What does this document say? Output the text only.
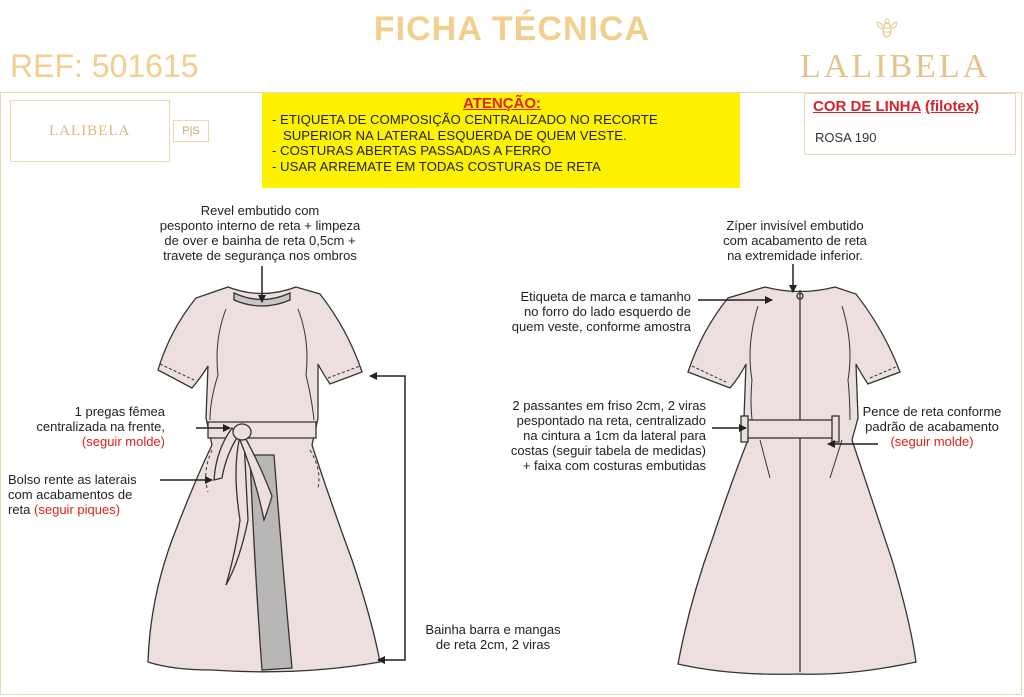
FICHA TÉCNICA
REF: 501615	LALIBELA
LALIBELA	P|S
ATENÇÃO:
- ETIQUETA DE COMPOSIÇÃO CENTRALIZADO NO RECORTE
SUPERIOR NA LATERAL ESQUERDA DE QUEM VESTE.
- COSTURAS ABERTAS PASSADAS A FERRO
- USAR ARREMATE EM TODAS COSTURAS DE RETA
COR DE LINHA (filotex)
ROSA 190
Revel embutido com
pesponto interno de reta + limpeza
de over e bainha de reta 0,5cm +
travete de segurança nos ombros
1 pregas fêmea
centralizada na frente,
(seguir molde)
Bolso rente as laterais
com acabamentos de
reta (seguir piques)
Bainha barra e mangas
de reta 2cm, 2 viras
Zíper invisível embutido
com acabamento de reta
na extremidade inferior.
Etiqueta de marca e tamanho
no forro do lado esquerdo de
quem veste, conforme amostra
2 passantes em friso 2cm, 2 viras
pespontado na reta, centralizado
na cintura a 1cm da lateral para
costas (seguir tabela de medidas)
+ faixa com costuras embutidas
Pence de reta conforme
padrão de acabamento
(seguir molde)
